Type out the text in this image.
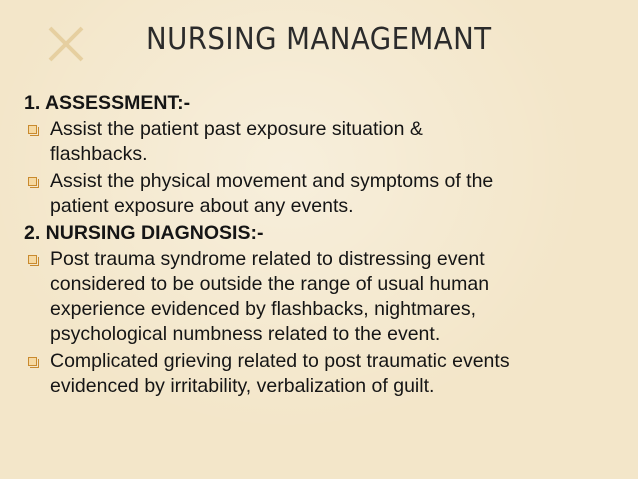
NURSING MANAGEMANT
1. ASSESSMENT:-
Assist the patient past exposure situation &
flashbacks.
Assist the physical movement and symptoms of the
patient exposure about any events.
2. NURSING DIAGNOSIS:-
Post trauma syndrome related to distressing event
considered to be outside the range of usual human
experience evidenced by flashbacks, nightmares,
psychological numbness related to the event.
Complicated grieving related to post traumatic events
evidenced by irritability, verbalization of guilt.
